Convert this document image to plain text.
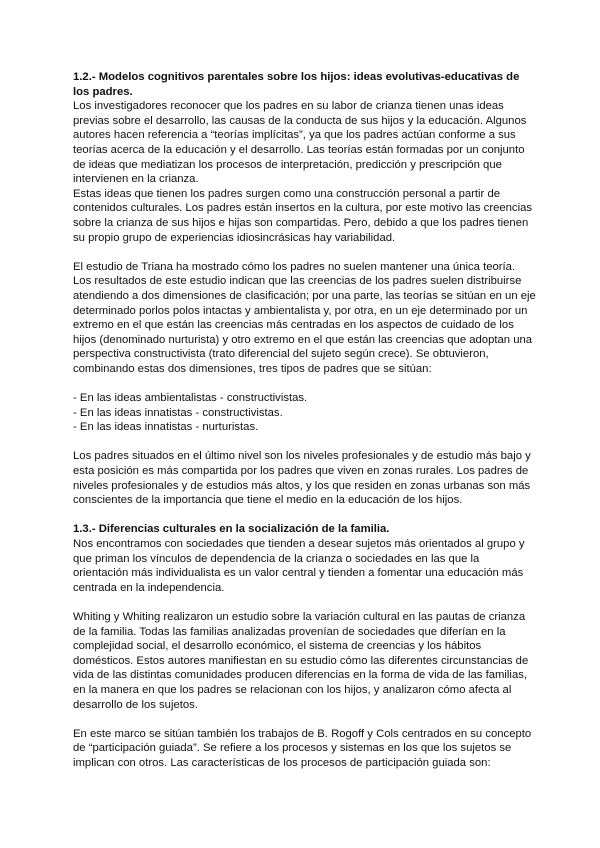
1.2.- Modelos cognitivos parentales sobre los hijos: ideas evolutivas-educativas de los padres.

Los investigadores reconocer que los padres en su labor de crianza tienen unas ideas previas sobre el desarrollo, las causas de la conducta de sus hijos y la educación. Algunos autores hacen referencia a “teorías implícitas”, ya que los padres actúan conforme a sus teorías acerca de la educación y el desarrollo. Las teorías están formadas por un conjunto de ideas que mediatizan los procesos de interpretación, predicción y prescripción que intervienen en la crianza.

Estas ideas que tienen los padres surgen como una construcción personal a partir de contenidos culturales. Los padres están insertos en la cultura, por este motivo las creencias sobre la crianza de sus hijos e hijas son compartidas. Pero, debido a que los padres tienen su propio grupo de experiencias idiosincrásicas hay variabilidad.

El estudio de Triana ha mostrado cómo los padres no suelen mantener una única teoría. Los resultados de este estudio indican que las creencias de los padres suelen distribuirse atendiendo a dos dimensiones de clasificación; por una parte, las teorías se sitúan en un eje determinado porlos polos intactas y ambientalista y, por otra, en un eje determinado por un extremo en el que están las creencias más centradas en los aspectos de cuidado de los hijos (denominado nurturista) y otro extremo en el que están las creencias que adoptan una perspectiva constructivista (trato diferencial del sujeto según crece). Se obtuvieron, combinando estas dos dimensiones, tres tipos de padres que se sitúan:

- En las ideas ambientalistas - constructivistas.
- En las ideas innatistas - constructivistas.
- En las ideas innatistas - nurturistas.

Los padres situados en el último nivel son los niveles profesionales y de estudio más bajo y esta posición es más compartida por los padres que viven en zonas rurales. Los padres de niveles profesionales y de estudios más altos, y los que residen en zonas urbanas son más conscientes de la importancia que tiene el medio en la educación de los hijos.

1.3.- Diferencias culturales en la socialización de la familia.

Nos encontramos con sociedades que tienden a desear sujetos más orientados al grupo y que priman los vínculos de dependencia de la crianza o sociedades en las que la orientación más individualista es un valor central y tienden a fomentar una educación más centrada en la independencia.

Whiting y Whiting realizaron un estudio sobre la variación cultural en las pautas de crianza de la familia. Todas las familias analizadas provenían de sociedades que diferían en la complejidad social, el desarrollo económico, el sistema de creencias y los hábitos domésticos. Estos autores manifiestan en su estudio cómo las diferentes circunstancias de vida de las distintas comunidades producen diferencias en la forma de vida de las familias, en la manera en que los padres se relacionan con los hijos, y analizaron cómo afecta al desarrollo de los sujetos.

En este marco se sitúan también los trabajos de B. Rogoff y Cols centrados en su concepto de “participación guiada”. Se refiere a los procesos y sistemas en los que los sujetos se implican con otros. Las características de los procesos de participación guiada son:
